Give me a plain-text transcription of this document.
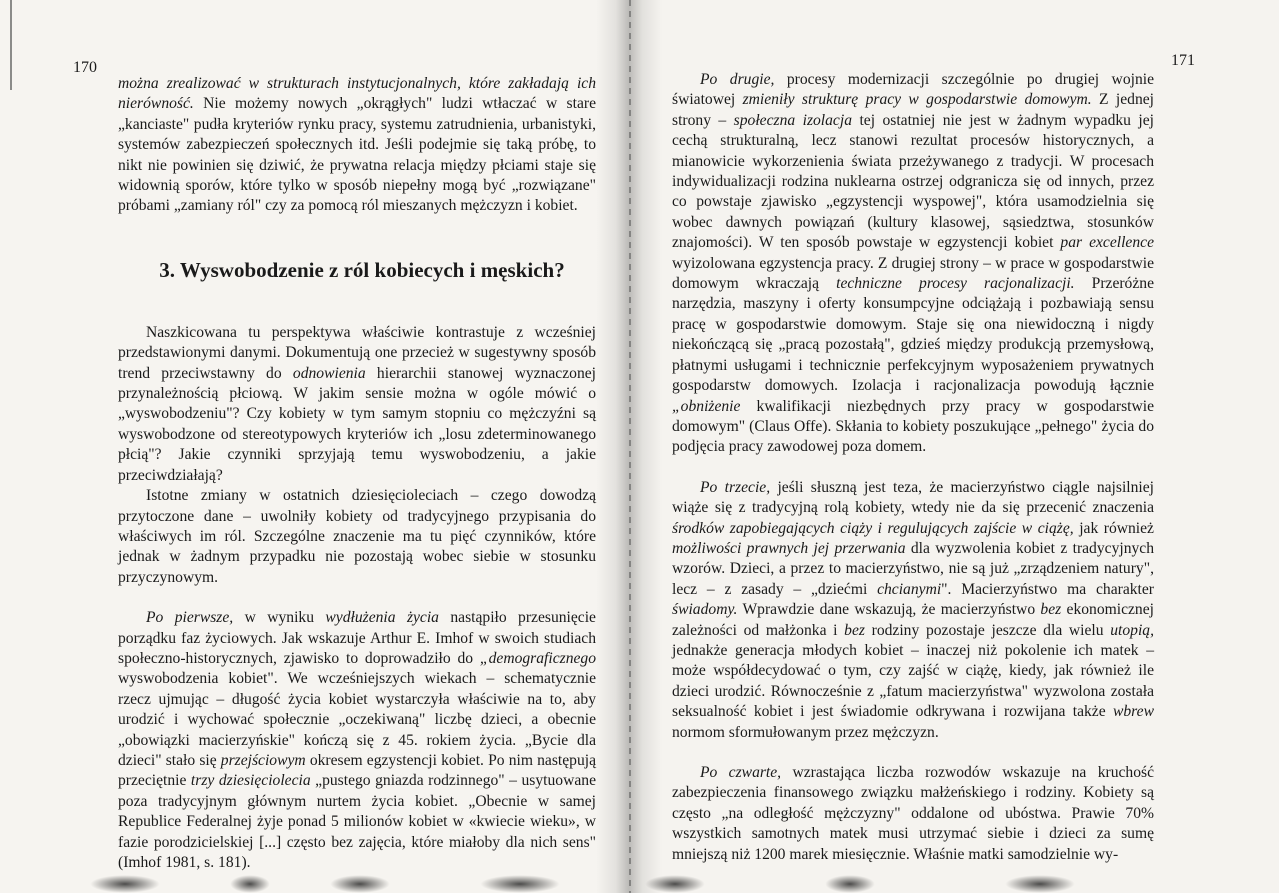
170

można zrealizować w strukturach instytucjonalnych, które zakładają ich nierówność. Nie możemy nowych „okrągłych" ludzi wtłaczać w stare „kanciaste" pudła kryteriów rynku pracy, systemu zatrudnienia, urbanistyki, systemów zabezpieczeń społecznych itd. Jeśli podejmie się taką próbę, to nikt nie powinien się dziwić, że prywatna relacja między płciami staje się widownią sporów, które tylko w sposób niepełny mogą być „rozwiązane" próbami „zamiany ról" czy za pomocą ról mieszanych mężczyzn i kobiet.

3. Wyswobodzenie z ról kobiecych i męskich?

Naszkicowana tu perspektywa właściwie kontrastuje z wcześniej przedstawionymi danymi. Dokumentują one przecież w sugestywny sposób trend przeciwstawny do odnowienia hierarchii stanowej wyznaczonej przynależnością płciową. W jakim sensie można w ogóle mówić o „wyswobodzeniu"? Czy kobiety w tym samym stopniu co mężczyźni są wyswobodzone od stereotypowych kryteriów ich „losu zdeterminowanego płcią"? Jakie czynniki sprzyjają temu wyswobodzeniu, a jakie przeciwdziałają?

Istotne zmiany w ostatnich dziesięcioleciach – czego dowodzą przytoczone dane – uwolniły kobiety od tradycyjnego przypisania do właściwych im ról. Szczególne znaczenie ma tu pięć czynników, które jednak w żadnym przypadku nie pozostają wobec siebie w stosunku przyczynowym.

Po pierwsze, w wyniku wydłużenia życia nastąpiło przesunięcie porządku faz życiowych. Jak wskazuje Arthur E. Imhof w swoich studiach społeczno-historycznych, zjawisko to doprowadziło do „demograficznego wyswobodzenia kobiet". We wcześniejszych wiekach – schematycznie rzecz ujmując – długość życia kobiet wystarczyła właściwie na to, aby urodzić i wychować społecznie „oczekiwaną" liczbę dzieci, a obecnie „obowiązki macierzyńskie" kończą się z 45. rokiem życia. „Bycie dla dzieci" stało się przejściowym okresem egzystencji kobiet. Po nim następują przeciętnie trzy dziesięciolecia „pustego gniazda rodzinnego" – usytuowane poza tradycyjnym głównym nurtem życia kobiet. „Obecnie w samej Republice Federalnej żyje ponad 5 milionów kobiet w «kwiecie wieku», w fazie porodzicielskiej [...] często bez zajęcia, które miałoby dla nich sens" (Imhof 1981, s. 181).

171

Po drugie, procesy modernizacji szczególnie po drugiej wojnie światowej zmieniły strukturę pracy w gospodarstwie domowym. Z jednej strony – społeczna izolacja tej ostatniej nie jest w żadnym wypadku jej cechą strukturalną, lecz stanowi rezultat procesów historycznych, a mianowicie wykorzenienia świata przeżywanego z tradycji. W procesach indywidualizacji rodzina nuklearna ostrzej odgranicza się od innych, przez co powstaje zjawisko „egzystencji wyspowej", która usamodzielnia się wobec dawnych powiązań (kultury klasowej, sąsiedztwa, stosunków znajomości). W ten sposób powstaje w egzystencji kobiet par excellence wyizolowana egzystencja pracy. Z drugiej strony – w prace w gospodarstwie domowym wkraczają techniczne procesy racjonalizacji. Przeróżne narzędzia, maszyny i oferty konsumpcyjne odciążają i pozbawiają sensu pracę w gospodarstwie domowym. Staje się ona niewidoczną i nigdy niekończącą się „pracą pozostałą", gdzieś między produkcją przemysłową, płatnymi usługami i technicznie perfekcyjnym wyposażeniem prywatnych gospodarstw domowych. Izolacja i racjonalizacja powodują łącznie „obniżenie kwalifikacji niezbędnych przy pracy w gospodarstwie domowym" (Claus Offe). Skłania to kobiety poszukujące „pełnego" życia do podjęcia pracy zawodowej poza domem.

Po trzecie, jeśli słuszną jest teza, że macierzyństwo ciągle najsilniej wiąże się z tradycyjną rolą kobiety, wtedy nie da się przecenić znaczenia środków zapobiegających ciąży i regulujących zajście w ciążę, jak również możliwości prawnych jej przerwania dla wyzwolenia kobiet z tradycyjnych wzorów. Dzieci, a przez to macierzyństwo, nie są już „zrządzeniem natury", lecz – z zasady – „dziećmi chcianymi". Macierzyństwo ma charakter świadomy. Wprawdzie dane wskazują, że macierzyństwo bez ekonomicznej zależności od małżonka i bez rodziny pozostaje jeszcze dla wielu utopią, jednakże generacja młodych kobiet – inaczej niż pokolenie ich matek – może współdecydować o tym, czy zajść w ciążę, kiedy, jak również ile dzieci urodzić. Równocześnie z „fatum macierzyństwa" wyzwolona została seksualność kobiet i jest świadomie odkrywana i rozwijana także wbrew normom sformułowanym przez mężczyzn.

Po czwarte, wzrastająca liczba rozwodów wskazuje na kruchość zabezpieczenia finansowego związku małżeńskiego i rodziny. Kobiety są często „na odległość mężczyzny" oddalone od ubóstwa. Prawie 70% wszystkich samotnych matek musi utrzymać siebie i dzieci za sumę mniejszą niż 1200 marek miesięcznie. Właśnie matki samodzielnie wy-
